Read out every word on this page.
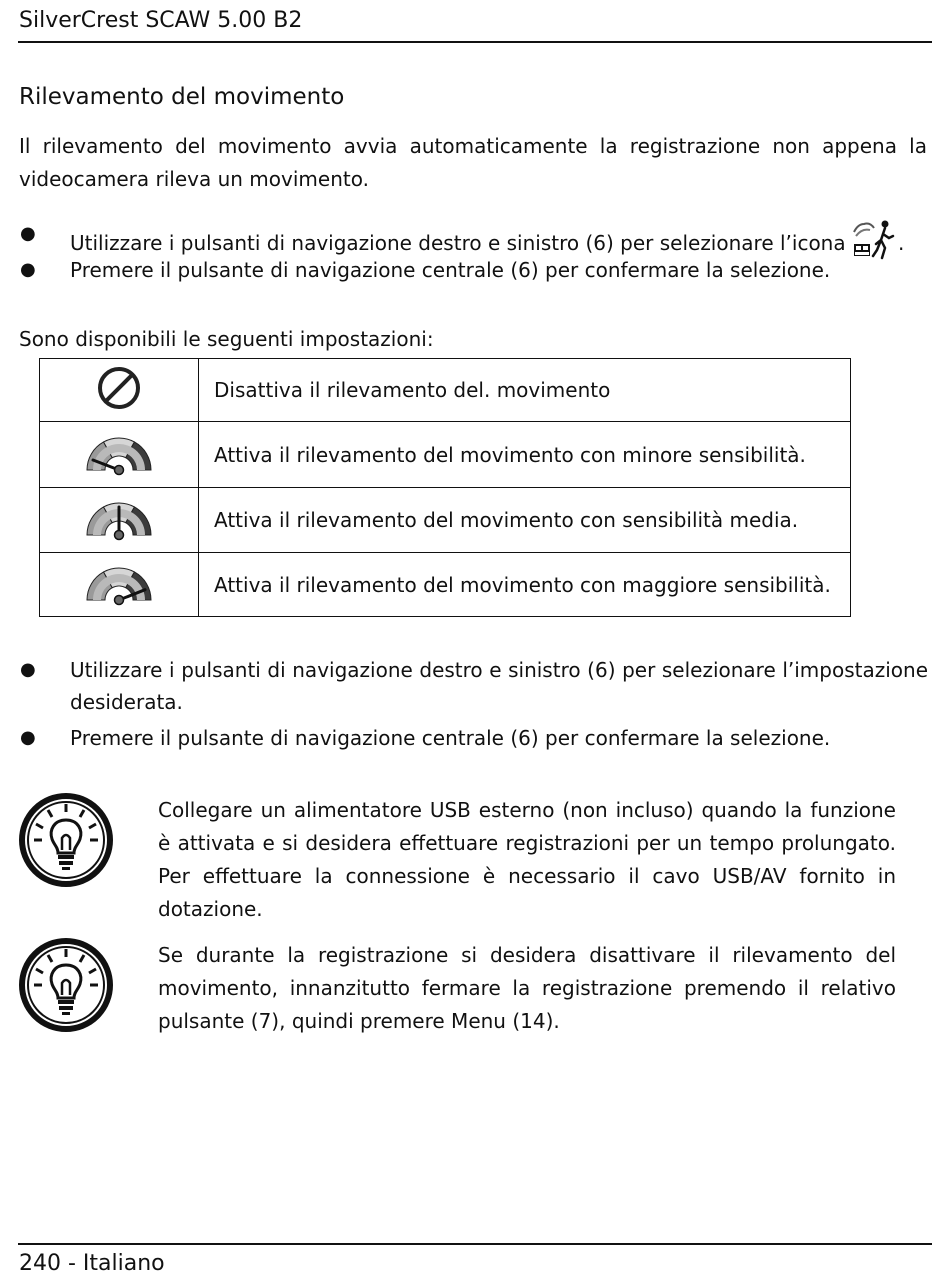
SilverCrest SCAW 5.00 B2
Rilevamento del movimento
Il rilevamento del movimento avvia automaticamente la registrazione non appena la videocamera rileva un movimento.
● Utilizzare i pulsanti di navigazione destro e sinistro (6) per selezionare l’icona	.
● Premere il pulsante di navigazione centrale (6) per confermare la selezione.
Sono disponibili le seguenti impostazioni:
	Disattiva il rilevamento del. movimento
	Attiva il rilevamento del movimento con minore sensibilità.
	Attiva il rilevamento del movimento con sensibilità media.
	Attiva il rilevamento del movimento con maggiore sensibilità.
● Utilizzare i pulsanti di navigazione destro e sinistro (6) per selezionare l’impostazione
desiderata.
● Premere il pulsante di navigazione centrale (6) per confermare la selezione.
Collegare un alimentatore USB esterno (non incluso) quando la funzione è attivata e si desidera effettuare registrazioni per un tempo prolungato. Per effettuare la connessione è necessario il cavo USB/AV fornito in dotazione.
Se durante la registrazione si desidera disattivare il rilevamento del movimento, innanzitutto fermare la registrazione premendo il relativo pulsante (7), quindi premere Menu (14).
240 - Italiano
